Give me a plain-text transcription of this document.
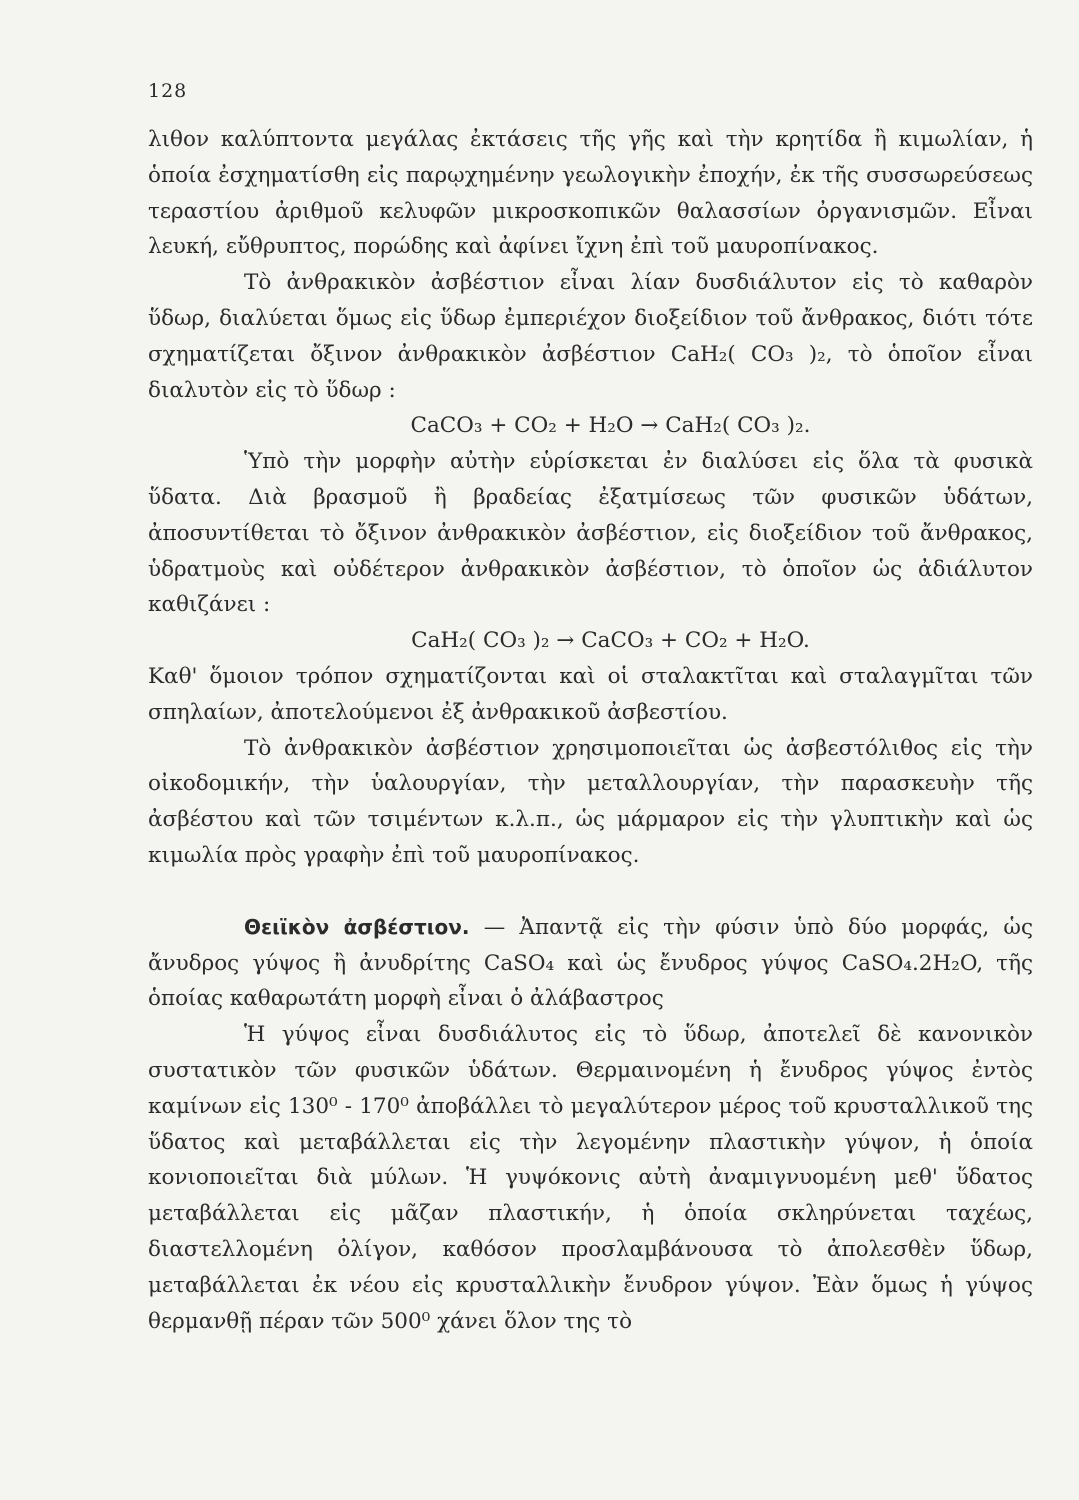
128

λιθον καλύπτοντα μεγάλας ἐκτάσεις τῆς γῆς καὶ τὴν κρητίδα ἢ κιμωλίαν, ἡ ὁποία ἐσχηματίσθη εἰς παρῳχημένην γεωλογικὴν ἐποχήν, ἐκ τῆς συσσωρεύσεως τεραστίου ἀριθμοῦ κελυφῶν μικροσκοπικῶν θαλασσίων ὀργανισμῶν. Εἶναι λευκή, εὔθρυπτος, πορώδης καὶ ἀφίνει ἴχνη ἐπὶ τοῦ μαυροπίνακος.

Τὸ ἀνθρακικὸν ἀσβέστιον εἶναι λίαν δυσδιάλυτον εἰς τὸ καθαρὸν ὕδωρ, διαλύεται ὅμως εἰς ὕδωρ ἐμπεριέχον διοξείδιον τοῦ ἄνθρακος, διότι τότε σχηματίζεται ὄξινον ἀνθρακικὸν ἀσβέστιον CaH₂( CO₃ )₂, τὸ ὁποῖον εἶναι διαλυτὸν εἰς τὸ ὕδωρ :

CaCO₃ + CO₂ + H₂O → CaH₂( CO₃ )₂.

Ὑπὸ τὴν μορφὴν αὐτὴν εὑρίσκεται ἐν διαλύσει εἰς ὅλα τὰ φυσικὰ ὕδατα. Διὰ βρασμοῦ ἢ βραδείας ἐξατμίσεως τῶν φυσικῶν ὑδάτων, ἀποσυντίθεται τὸ ὄξινον ἀνθρακικὸν ἀσβέστιον, εἰς διοξείδιον τοῦ ἄνθρακος, ὑδρατμοὺς καὶ οὐδέτερον ἀνθρακικὸν ἀσβέστιον, τὸ ὁποῖον ὡς ἀδιάλυτον καθιζάνει :

CaH₂( CO₃ )₂ → CaCO₃ + CO₂ + H₂O.

Καθ' ὅμοιον τρόπον σχηματίζονται καὶ οἱ σταλακτῖται καὶ σταλαγμῖται τῶν σπηλαίων, ἀποτελούμενοι ἐξ ἀνθρακικοῦ ἀσβεστίου.

Τὸ ἀνθρακικὸν ἀσβέστιον χρησιμοποιεῖται ὡς ἀσβεστόλιθος εἰς τὴν οἰκοδομικήν, τὴν ὑαλουργίαν, τὴν μεταλλουργίαν, τὴν παρασκευὴν τῆς ἀσβέστου καὶ τῶν τσιμέντων κ.λ.π., ὡς μάρμαρον εἰς τὴν γλυπτικὴν καὶ ὡς κιμωλία πρὸς γραφὴν ἐπὶ τοῦ μαυροπίνακος.

Θειϊκὸν ἀσβέστιον. — Ἀπαντᾷ εἰς τὴν φύσιν ὑπὸ δύο μορφάς, ὡς ἄνυδρος γύψος ἢ ἀνυδρίτης CaSO₄ καὶ ὡς ἔνυδρος γύψος CaSO₄.2H₂O, τῆς ὁποίας καθαρωτάτη μορφὴ εἶναι ὁ ἀλάβαστρος

Ἡ γύψος εἶναι δυσδιάλυτος εἰς τὸ ὕδωρ, ἀποτελεῖ δὲ κανονικὸν συστατικὸν τῶν φυσικῶν ὑδάτων. Θερμαινομένη ἡ ἔνυδρος γύψος ἐντὸς καμίνων εἰς 130⁰ - 170⁰ ἀποβάλλει τὸ μεγαλύτερον μέρος τοῦ κρυσταλλικοῦ της ὕδατος καὶ μεταβάλλεται εἰς τὴν λεγομένην πλαστικὴν γύψον, ἡ ὁποία κονιοποιεῖται διὰ μύλων. Ἡ γυψόκονις αὐτὴ ἀναμιγνυομένη μεθ' ὕδατος μεταβάλλεται εἰς μᾶζαν πλαστικήν, ἡ ὁποία σκληρύνεται ταχέως, διαστελλομένη ὀλίγον, καθόσον προσλαμβάνουσα τὸ ἀπολεσθὲν ὕδωρ, μεταβάλλεται ἐκ νέου εἰς κρυσταλλικὴν ἔνυδρον γύψον. Ἐὰν ὅμως ἡ γύψος θερμανθῇ πέραν τῶν 500⁰ χάνει ὅλον της τὸ
